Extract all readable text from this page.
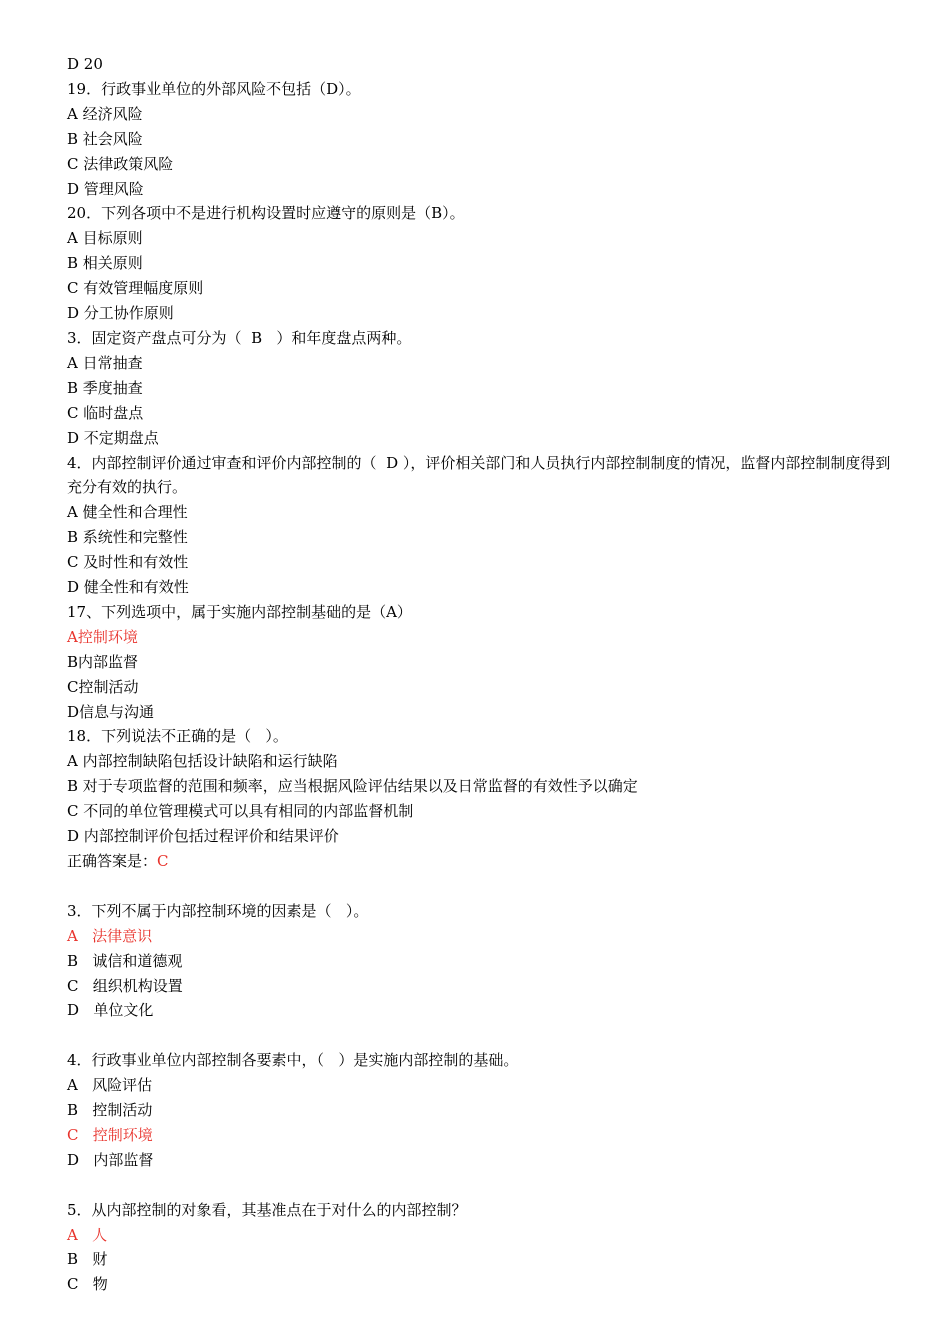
D 20

19．行政事业单位的外部风险不包括（D）。

A 经济风险

B 社会风险

C 法律政策风险

D 管理风险

20．下列各项中不是进行机构设置时应遵守的原则是（B）。

A 目标原则

B 相关原则

C 有效管理幅度原则

D 分工协作原则

3．固定资产盘点可分为（  B   ）和年度盘点两种。

A 日常抽查

B 季度抽查

C 临时盘点

D 不定期盘点

4．内部控制评价通过审查和评价内部控制的（  D ），评价相关部门和人员执行内部控制制度的情况，监督内部控制制度得到充分有效的执行。

A 健全性和合理性

B 系统性和完整性

C 及时性和有效性

D 健全性和有效性

17、下列选项中，属于实施内部控制基础的是（A）

A控制环境

B内部监督

C控制活动

D信息与沟通

18．下列说法不正确的是（   ）。

A 内部控制缺陷包括设计缺陷和运行缺陷

B 对于专项监督的范围和频率，应当根据风险评估结果以及日常监督的有效性予以确定

C 不同的单位管理模式可以具有相同的内部监督机制

D 内部控制评价包括过程评价和结果评价

正确答案是：C

3．下列不属于内部控制环境的因素是（   ）。

A   法律意识

B   诚信和道德观

C   组织机构设置

D   单位文化

4．行政事业单位内部控制各要素中，（   ）是实施内部控制的基础。

A   风险评估

B   控制活动

C   控制环境

D   内部监督

5．从内部控制的对象看，其基准点在于对什么的内部控制？

A   人

B   财

C   物
